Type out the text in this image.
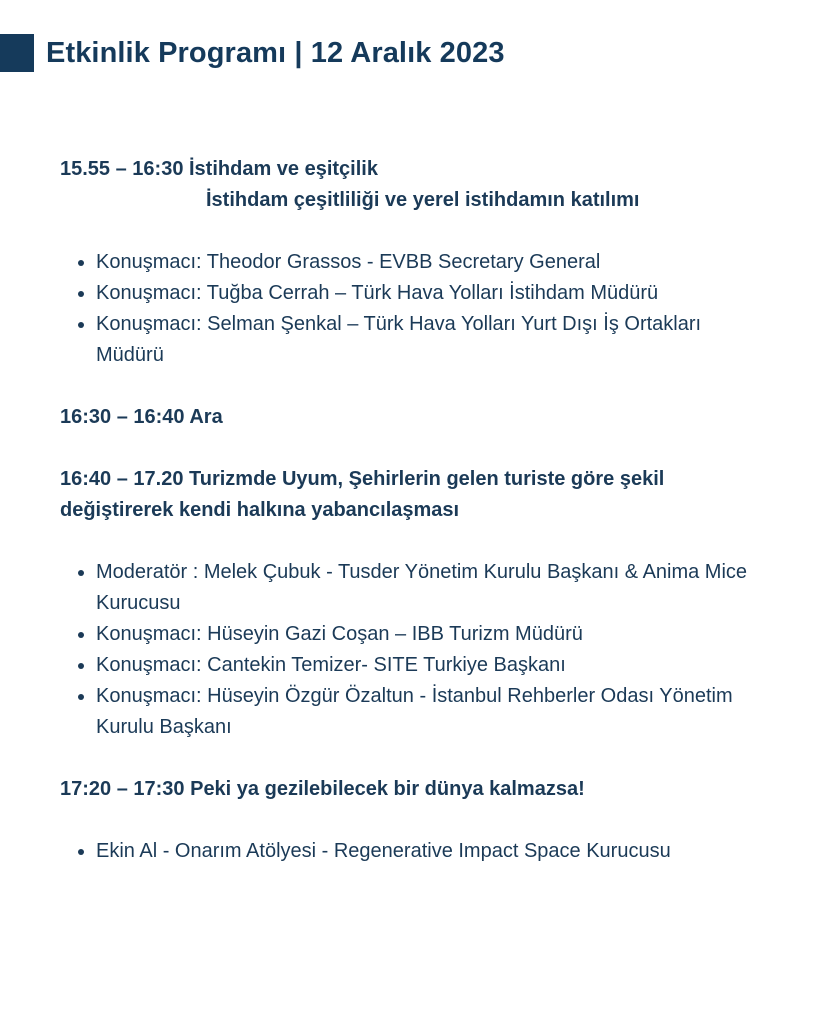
Etkinlik Programı | 12 Aralık 2023
15.55 – 16:30 İstihdam ve eşitçilik
İstihdam çeşitliliği ve yerel istihdamın katılımı
Konuşmacı: Theodor Grassos - EVBB Secretary General
Konuşmacı: Tuğba Cerrah – Türk Hava Yolları İstihdam Müdürü
Konuşmacı: Selman Şenkal – Türk Hava Yolları Yurt Dışı İş Ortakları Müdürü
16:30 – 16:40 Ara
16:40 – 17.20 Turizmde Uyum, Şehirlerin gelen turiste göre şekil değiştirerek kendi halkına yabancılaşması
Moderatör : Melek Çubuk - Tusder Yönetim Kurulu Başkanı & Anima Mice Kurucusu
Konuşmacı: Hüseyin Gazi Coşan – IBB Turizm Müdürü
Konuşmacı: Cantekin Temizer- SITE Turkiye Başkanı
Konuşmacı: Hüseyin Özgür Özaltun - İstanbul Rehberler Odası Yönetim Kurulu Başkanı
17:20 – 17:30 Peki ya gezilebilecek bir dünya kalmazsa!
Ekin Al - Onarım Atölyesi - Regenerative Impact Space Kurucusu
